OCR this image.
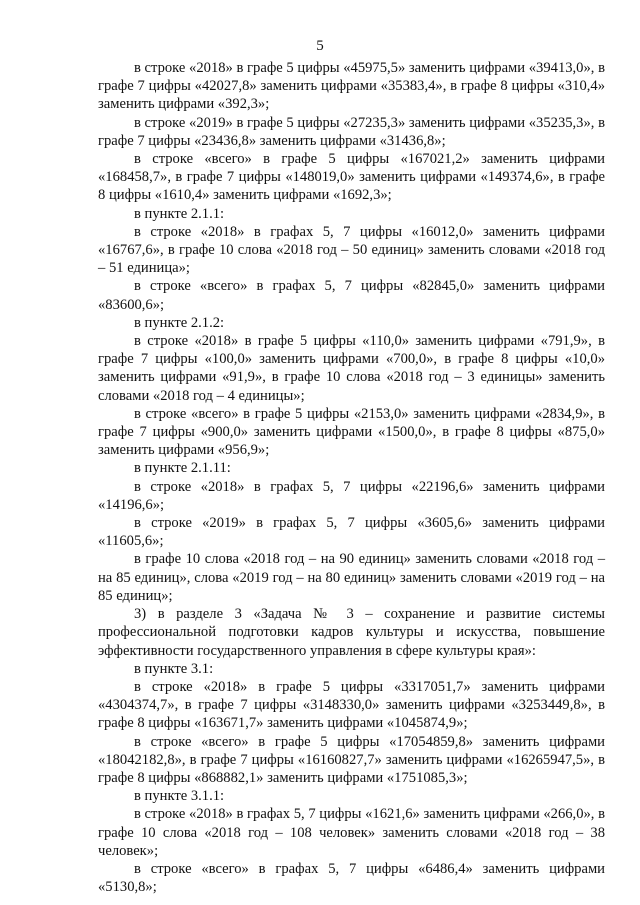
5

в строке «2018» в графе 5 цифры «45975,5» заменить цифрами «39413,0», в графе 7 цифры «42027,8» заменить цифрами «35383,4», в графе 8 цифры «310,4» заменить цифрами «392,3»;

в строке «2019» в графе 5 цифры «27235,3» заменить цифрами «35235,3», в графе 7 цифры «23436,8» заменить цифрами «31436,8»;

в строке «всего» в графе 5 цифры «167021,2» заменить цифрами «168458,7», в графе 7 цифры «148019,0» заменить цифрами «149374,6», в графе 8 цифры «1610,4» заменить цифрами «1692,3»;

в пункте 2.1.1:

в строке «2018» в графах 5, 7 цифры «16012,0» заменить цифрами «16767,6», в графе 10 слова «2018 год – 50 единиц» заменить словами «2018 год – 51 единица»;

в строке «всего» в графах 5, 7 цифры «82845,0» заменить цифрами «83600,6»;

в пункте 2.1.2:

в строке «2018» в графе 5 цифры «110,0» заменить цифрами «791,9», в графе 7 цифры «100,0» заменить цифрами «700,0», в графе 8 цифры «10,0» заменить цифрами «91,9», в графе 10 слова «2018 год – 3 единицы» заменить словами «2018 год – 4 единицы»;

в строке «всего» в графе 5 цифры «2153,0» заменить цифрами «2834,9», в графе 7 цифры «900,0» заменить цифрами «1500,0», в графе 8 цифры «875,0» заменить цифрами «956,9»;

в пункте 2.1.11:

в строке «2018» в графах 5, 7 цифры «22196,6» заменить цифрами «14196,6»;

в строке «2019» в графах 5, 7 цифры «3605,6» заменить цифрами «11605,6»;

в графе 10 слова «2018 год – на 90 единиц» заменить словами «2018 год – на 85 единиц», слова «2019 год – на 80 единиц» заменить словами «2019 год – на 85 единиц»;

3) в разделе 3 «Задача № 3 – сохранение и развитие системы профессиональной подготовки кадров культуры и искусства, повышение эффективности государственного управления в сфере культуры края»:

в пункте 3.1:

в строке «2018» в графе 5 цифры «3317051,7» заменить цифрами «4304374,7», в графе 7 цифры «3148330,0» заменить цифрами «3253449,8», в графе 8 цифры «163671,7» заменить цифрами «1045874,9»;

в строке «всего» в графе 5 цифры «17054859,8» заменить цифрами «18042182,8», в графе 7 цифры «16160827,7» заменить цифрами «16265947,5», в графе 8 цифры «868882,1» заменить цифрами «1751085,3»;

в пункте 3.1.1:

в строке «2018» в графах 5, 7 цифры «1621,6» заменить цифрами «266,0», в графе 10 слова «2018 год – 108 человек» заменить словами «2018 год – 38 человек»;

в строке «всего» в графах 5, 7 цифры «6486,4» заменить цифрами «5130,8»;
